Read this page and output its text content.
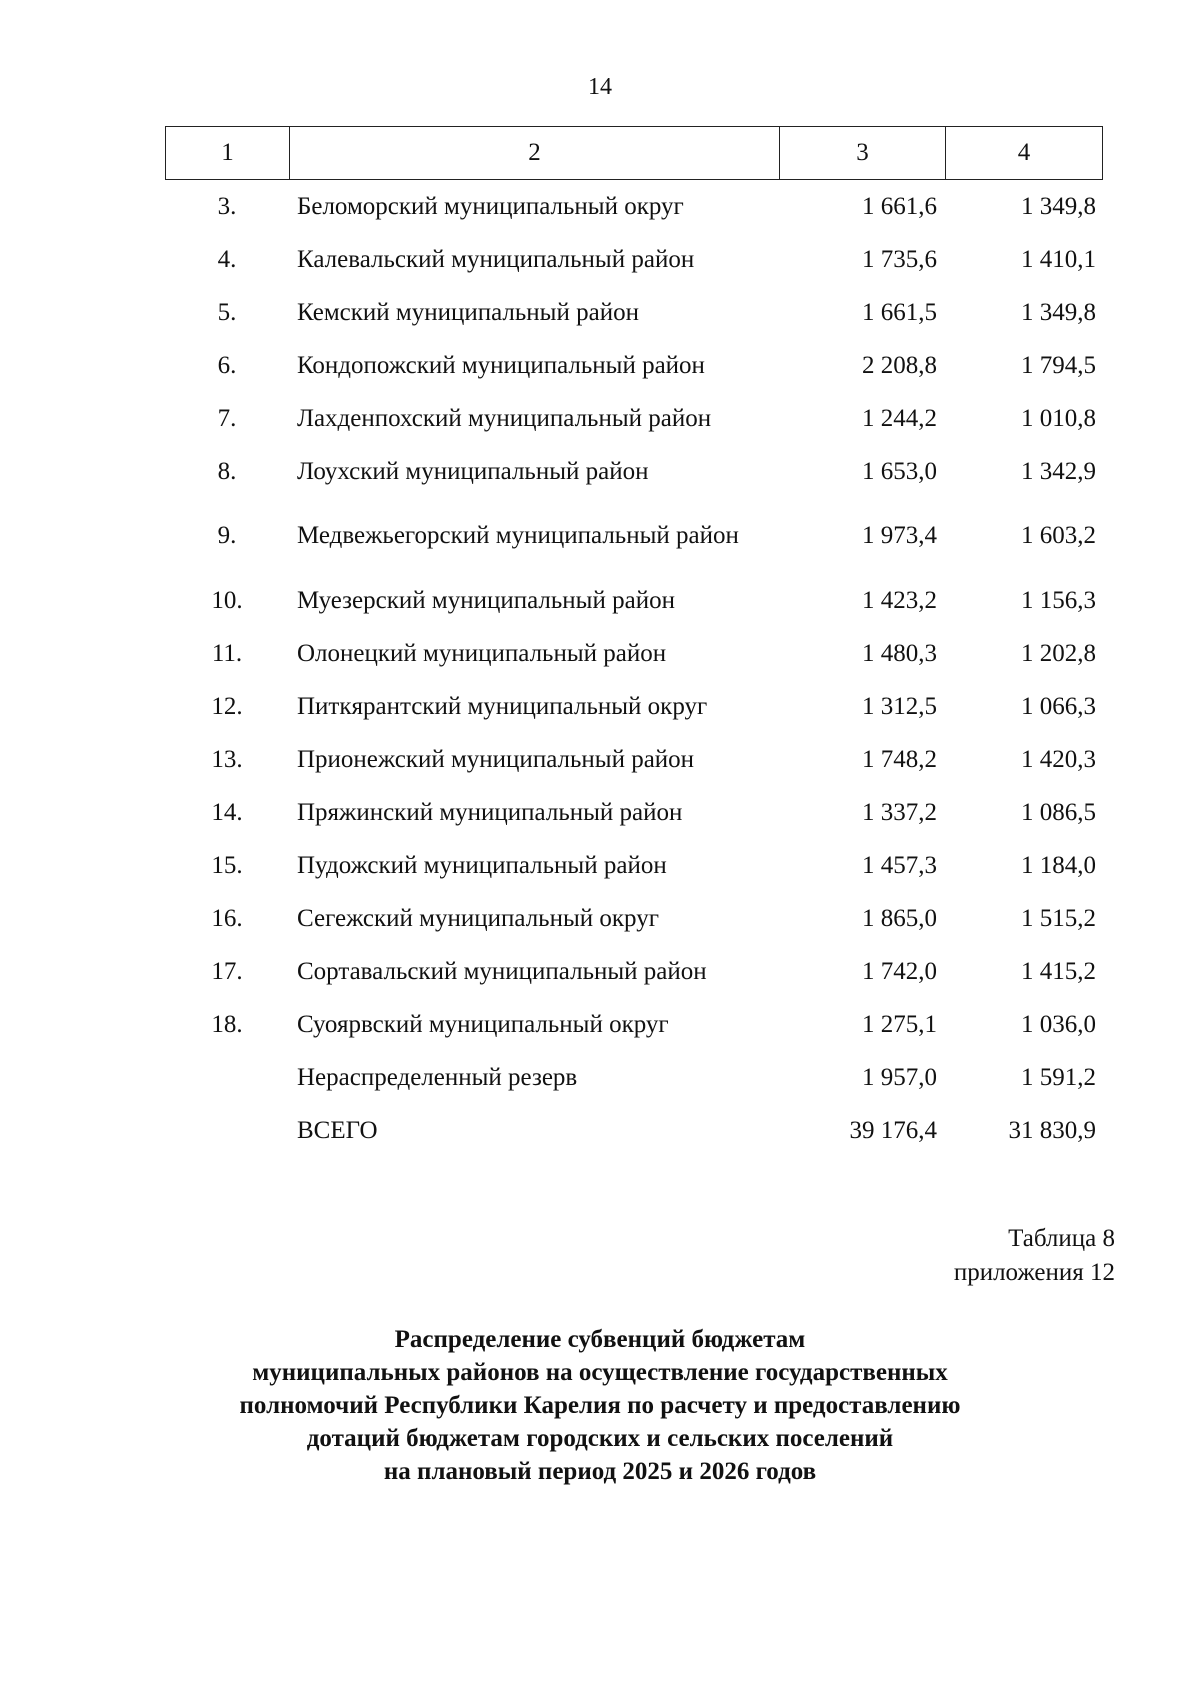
14
1	2	3	4
3.	Беломорский муниципальный округ	1 661,6	1 349,8
4.	Калевальский муниципальный район	1 735,6	1 410,1
5.	Кемский муниципальный район	1 661,5	1 349,8
6.	Кондопожский муниципальный район	2 208,8	1 794,5
7.	Лахденпохский муниципальный район	1 244,2	1 010,8
8.	Лоухский муниципальный район	1 653,0	1 342,9
9.	Медвежьегорский муниципальный район	1 973,4	1 603,2
10.	Муезерский муниципальный район	1 423,2	1 156,3
11.	Олонецкий муниципальный район	1 480,3	1 202,8
12.	Питкярантский муниципальный округ	1 312,5	1 066,3
13.	Прионежский муниципальный район	1 748,2	1 420,3
14.	Пряжинский муниципальный район	1 337,2	1 086,5
15.	Пудожский муниципальный район	1 457,3	1 184,0
16.	Сегежский муниципальный округ	1 865,0	1 515,2
17.	Сортавальский муниципальный район	1 742,0	1 415,2
18.	Суоярвский муниципальный округ	1 275,1	1 036,0
	Нераспределенный резерв	1 957,0	1 591,2
	ВСЕГО	39 176,4	31 830,9
Таблица 8
приложения 12
Распределение субвенций бюджетам
муниципальных районов на осуществление государственных
полномочий Республики Карелия по расчету и предоставлению
дотаций бюджетам городских и сельских поселений
на плановый период 2025 и 2026 годов
